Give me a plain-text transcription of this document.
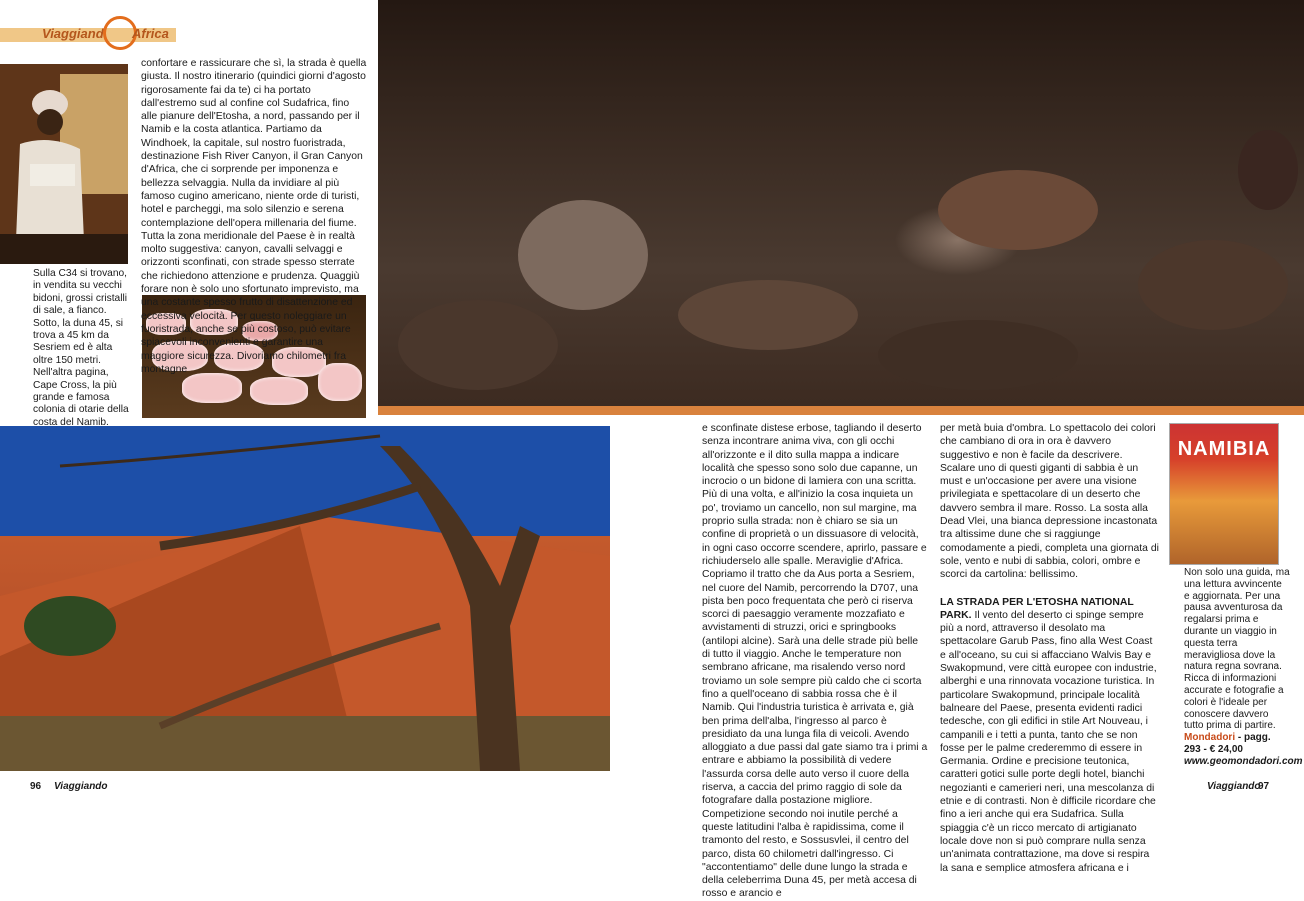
Viaggiand Africa

confortare e rassicurare che sì, la strada è quella giusta. Il nostro itinerario (quindici giorni d'agosto rigorosamente fai da te) ci ha portato dall'estremo sud al confine col Sudafrica, fino alle pianure dell'Etosha, a nord, passando per il Namib e la costa atlantica. Partiamo da Windhoek, la capitale, sul nostro fuoristrada, destinazione Fish River Canyon, il Gran Canyon d'Africa, che ci sorprende per imponenza e bellezza selvaggia. Nulla da invidiare al più famoso cugino americano, niente orde di turisti, hotel e parcheggi, ma solo silenzio e serena contemplazione dell'opera millenaria del fiume. Tutta la zona meridionale del Paese è in realtà molto suggestiva: canyon, cavalli selvaggi e orizzonti sconfinati, con strade spesso sterrate che richiedono attenzione e prudenza. Quaggiù forare non è solo uno sfortunato imprevisto, ma una costante spesso frutto di disattenzione ed eccessiva velocità. Per questo noleggiare un fuoristrada, anche se più costoso, può evitare spiacevoli inconvenienti e garantire una maggiore sicurezza. Divoriamo chilometri fra montagne

Sulla C34 si trovano, in vendita su vecchi bidoni, grossi cristalli di sale, a fianco. Sotto, la duna 45, si trova a 45 km da Sesriem ed è alta oltre 150 metri. Nell'altra pagina, Cape Cross, la più grande e famosa colonia di otarie della costa del Namib.

e sconfinate distese erbose, tagliando il deserto senza incontrare anima viva, con gli occhi all'orizzonte e il dito sulla mappa a indicare località che spesso sono solo due capanne, un incrocio o un bidone di lamiera con una scritta. Più di una volta, e all'inizio la cosa inquieta un po', troviamo un cancello, non sul margine, ma proprio sulla strada: non è chiaro se sia un confine di proprietà o un dissuasore di velocità, in ogni caso occorre scendere, aprirlo, passare e richiuderselo alle spalle. Meraviglie d'Africa. Copriamo il tratto che da Aus porta a Sesriem, nel cuore del Namib, percorrendo la D707, una pista ben poco frequentata che però ci riserva scorci di paesaggio veramente mozzafiato e avvistamenti di struzzi, orici e springbooks (antilopi alcine). Sarà una delle strade più belle di tutto il viaggio. Anche le temperature non sembrano africane, ma risalendo verso nord troviamo un sole sempre più caldo che ci scorta fino a quell'oceano di sabbia rossa che è il Namib. Qui l'industria turistica è arrivata e, già ben prima dell'alba, l'ingresso al parco è presidiato da una lunga fila di veicoli. Avendo alloggiato a due passi dal gate siamo tra i primi a entrare e abbiamo la possibilità di vedere l'assurda corsa delle auto verso il cuore della riserva, a caccia del primo raggio di sole da fotografare dalla postazione migliore. Competizione secondo noi inutile perché a queste latitudini l'alba è rapidissima, come il tramonto del resto, e Sossusvlei, il centro del parco, dista 60 chilometri dall'ingresso. Ci "accontentiamo" delle dune lungo la strada e della celeberrima Duna 45, per metà accesa di rosso e arancio e

per metà buia d'ombra. Lo spettacolo dei colori che cambiano di ora in ora è davvero suggestivo e non è facile da descrivere. Scalare uno di questi giganti di sabbia è un must e un'occasione per avere una visione privilegiata e spettacolare di un deserto che davvero sembra il mare. Rosso. La sosta alla Dead Vlei, una bianca depressione incastonata tra altissime dune che si raggiunge comodamente a piedi, completa una giornata di sole, vento e nubi di sabbia, colori, ombre e scorci da cartolina: bellissimo.

LA STRADA PER L'ETOSHA NATIONAL PARK. Il vento del deserto ci spinge sempre più a nord, attraverso il desolato ma spettacolare Garub Pass, fino alla West Coast e all'oceano, su cui si affacciano Walvis Bay e Swakopmund, vere città europee con industrie, alberghi e una rinnovata vocazione turistica. In particolare Swakopmund, principale località balneare del Paese, presenta evidenti radici tedesche, con gli edifici in stile Art Nouveau, i campanili e i tetti a punta, tanto che se non fosse per le palme crederemmo di essere in Germania. Ordine e precisione teutonica, caratteri gotici sulle porte degli hotel, bianchi negozianti e camerieri neri, una mescolanza di etnie e di contrasti. Non è difficile ricordare che fino a ieri anche qui era Sudafrica. Sulla spiaggia c'è un ricco mercato di artigianato locale dove non si può comprare nulla senza un'animata contrattazione, ma dove si respira la sana e semplice atmosfera africana e i

NAMIBIA
Non solo una guida, ma una lettura avvincente e aggiornata. Per una pausa avventurosa da regalarsi prima e durante un viaggio in questa terra meravigliosa dove la natura regna sovrana. Ricca di informazioni accurate e fotografie a colori è l'ideale per conoscere davvero tutto prima di partire. Mondadori - pagg. 293 - € 24,00 www.geomondadori.com
96 Viaggiando	Viaggiando
97
